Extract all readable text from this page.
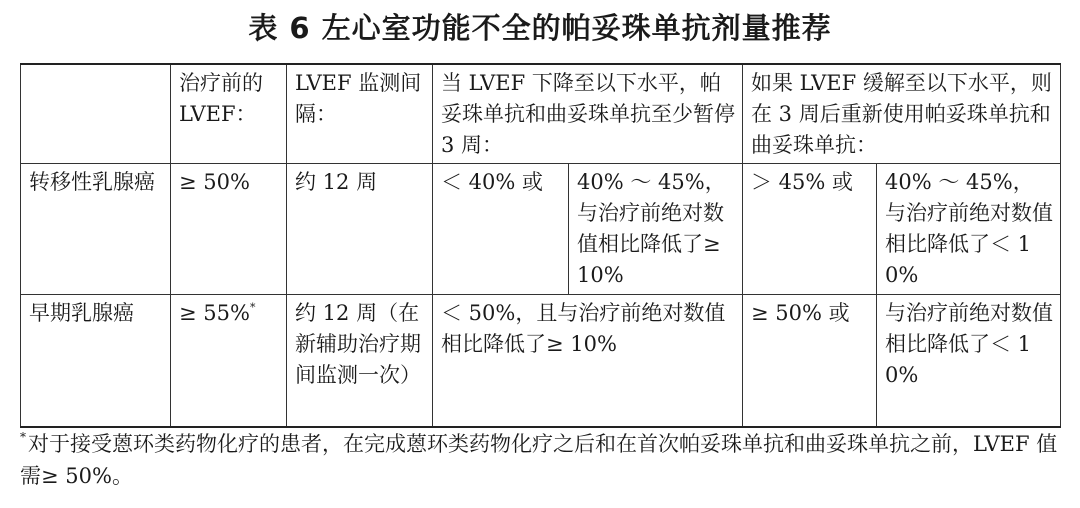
表 6 左心室功能不全的帕妥珠单抗剂量推荐
	治疗前的 LVEF：	LVEF 监测间隔：	当 LVEF 下降至以下水平，帕妥珠单抗和曲妥珠单抗至少暂停 3 周：		如果 LVEF 缓解至以下水平，则在 3 周后重新使用帕妥珠单抗和曲妥珠单抗：	
转移性乳腺癌	≥ 50%	约 12 周	＜ 40% 或	40% ～ 45%，与治疗前绝对数值相比降低了≥ 10%	＞ 45% 或	40% ～ 45%，与治疗前绝对数值相比降低了＜ 10%
早期乳腺癌	≥ 55%*	约 12 周（在新辅助治疗期间监测一次）	＜ 50%，且与治疗前绝对数值相比降低了≥ 10%		≥ 50% 或	与治疗前绝对数值相比降低了＜ 10%
*对于接受蒽环类药物化疗的患者，在完成蒽环类药物化疗之后和在首次帕妥珠单抗和曲妥珠单抗之前，LVEF 值需≥ 50%。
